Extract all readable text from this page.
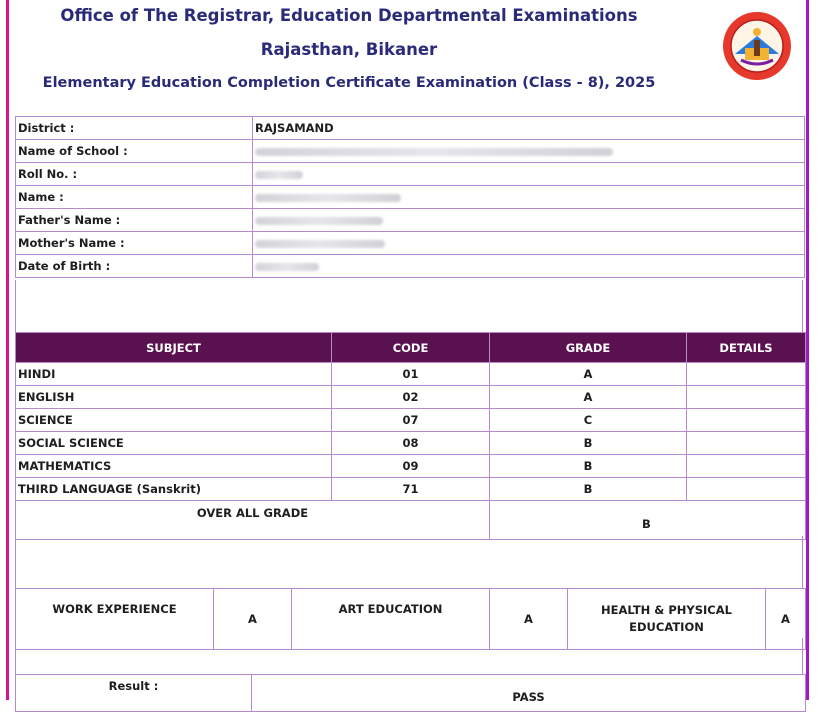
Office of The Registrar, Education Departmental Examinations
Rajasthan, Bikaner
Elementary Education Completion Certificate Examination (Class - 8), 2025
District :	RAJSAMAND
Name of School :	
Roll No. :	
Name :	
Father's Name :	
Mother's Name :	
Date of Birth :	
SUBJECT	CODE	GRADE	DETAILS
HINDI	01	A	
ENGLISH	02	A	
SCIENCE	07	C	
SOCIAL SCIENCE	08	B	
MATHEMATICS	09	B	
THIRD LANGUAGE (Sanskrit)	71	B	
OVER ALL GRADE		B	
WORK EXPERIENCE	A	ART EDUCATION	A	HEALTH & PHYSICAL EDUCATION	A
Result :	PASS
